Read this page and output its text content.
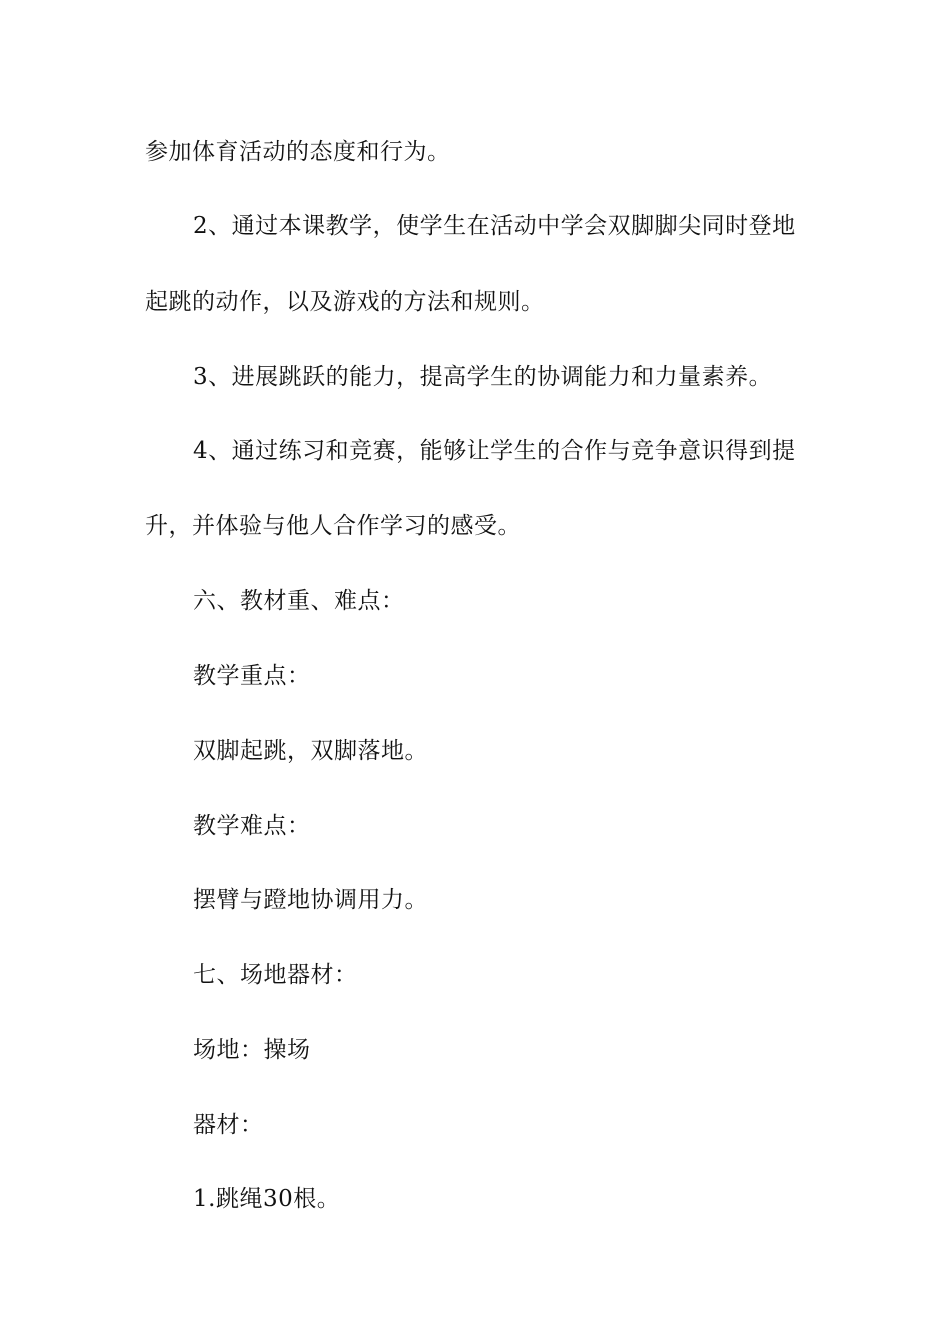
参加体育活动的态度和行为。
2、通过本课教学，使学生在活动中学会双脚脚尖同时登地
起跳的动作，以及游戏的方法和规则。
3、进展跳跃的能力，提高学生的协调能力和力量素养。
4、通过练习和竞赛，能够让学生的合作与竞争意识得到提
升，并体验与他人合作学习的感受。
六、教材重、难点：
教学重点：
双脚起跳，双脚落地。
教学难点：
摆臂与蹬地协调用力。
七、场地器材：
场地：操场
器材：
1.跳绳30根。
